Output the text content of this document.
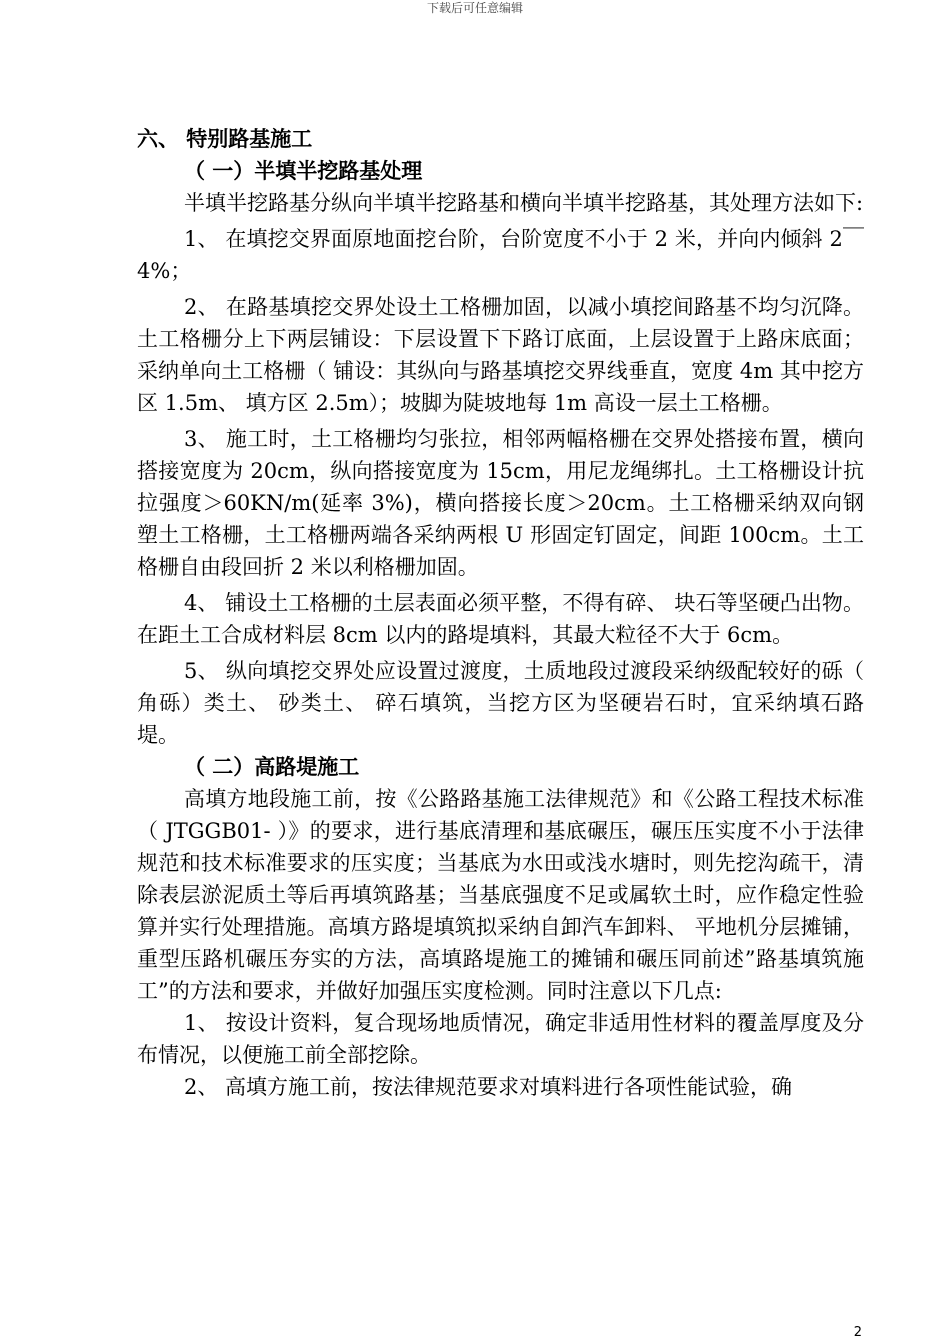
下载后可任意编辑

六、 特别路基施工

（ 一）半填半挖路基处理

半填半挖路基分纵向半填半挖路基和横向半填半挖路基，其处理方法如下:

1、 在填挖交界面原地面挖台阶，台阶宽度不小于 2 米，并向内倾斜 2￣4%；

2、 在路基填挖交界处设土工格栅加固，以减小填挖间路基不均匀沉降。土工格栅分上下两层铺设：下层设置下下路订底面，上层设置于上路床底面；采纳单向土工格栅（ 铺设：其纵向与路基填挖交界线垂直，宽度 4m 其中挖方区 1.5m、 填方区 2.5m）；坡脚为陡坡地每 1m 高设一层土工格栅。

3、 施工时，土工格栅均匀张拉，相邻两幅格栅在交界处搭接布置，横向搭接宽度为 20cm，纵向搭接宽度为 15cm，用尼龙绳绑扎。土工格栅设计抗拉强度＞60KN/m(延率 3%)，横向搭接长度＞20cm。土工格栅采纳双向钢塑土工格栅，土工格栅两端各采纳两根 U 形固定钉固定，间距 100cm。土工格栅自由段回折 2 米以利格栅加固。

4、 铺设土工格栅的土层表面必须平整，不得有碎、 块石等坚硬凸出物。在距土工合成材料层 8cm 以内的路堤填料，其最大粒径不大于 6cm。

5、 纵向填挖交界处应设置过渡度，土质地段过渡段采纳级配较好的砾（ 角砾）类土、 砂类土、 碎石填筑，当挖方区为坚硬岩石时，宜采纳填石路堤。

（ 二）高路堤施工

高填方地段施工前，按《公路路基施工法律规范》和《公路工程技术标准（ JTGGB01- ）》的要求，进行基底清理和基底碾压，碾压压实度不小于法律规范和技术标准要求的压实度；当基底为水田或浅水塘时，则先挖沟疏干，清除表层淤泥质土等后再填筑路基；当基底强度不足或属软土时，应作稳定性验算并实行处理措施。高填方路堤填筑拟采纳自卸汽车卸料、 平地机分层摊铺，重型压路机碾压夯实的方法，高填路堤施工的摊铺和碾压同前述”路基填筑施工”的方法和要求，并做好加强压实度检测。同时注意以下几点:

1、 按设计资料，复合现场地质情况，确定非适用性材料的覆盖厚度及分布情况，以便施工前全部挖除。

2、 高填方施工前，按法律规范要求对填料进行各项性能试验，确

2
